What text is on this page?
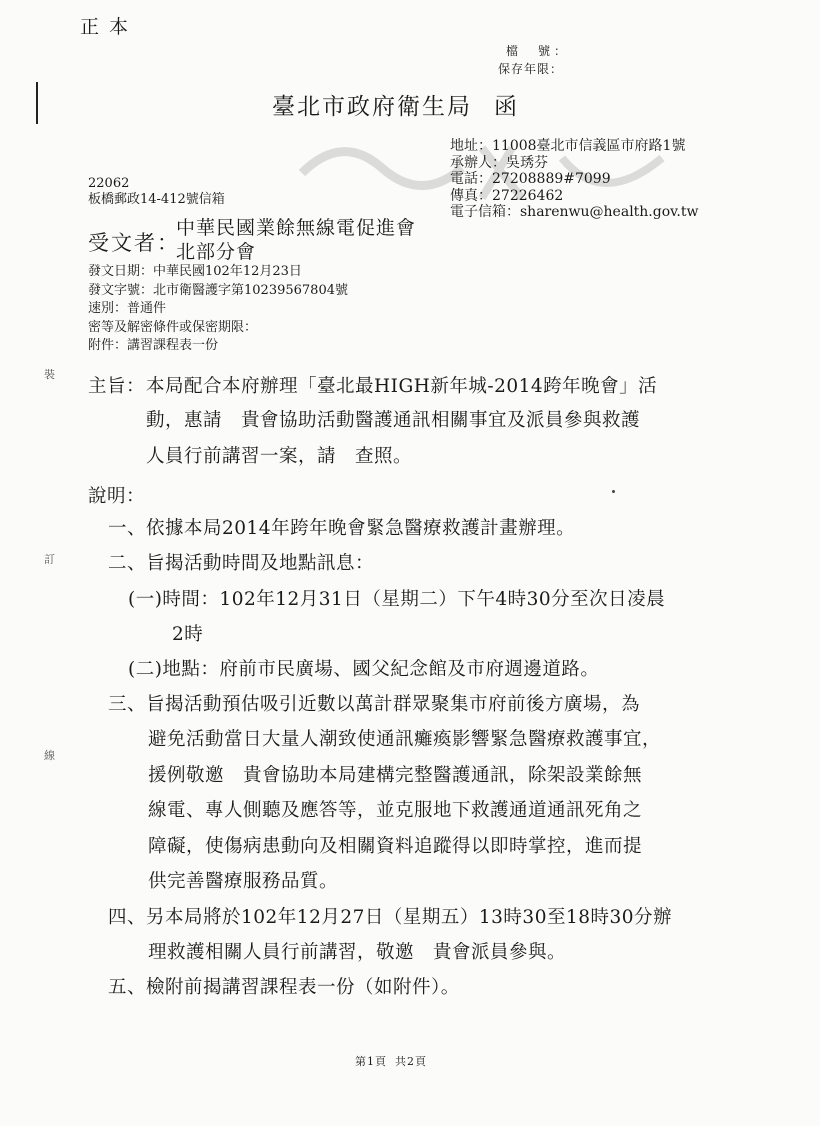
正本
檔　號：
保存年限：
臺北市政府衛生局 函
地址：11008臺北市信義區市府路1號
承辦人：吳琇芬
電話：27208889#7099
傳真：27226462
電子信箱：sharenwu@health.gov.tw
22062
板橋郵政14-412號信箱
受文者：
中華民國業餘無線電促進會
北部分會
發文日期：中華民國102年12月23日
發文字號：北市衛醫護字第10239567804號
速別：普通件
密等及解密條件或保密期限：
附件：講習課程表一份
裝
訂
線
主旨： 本局配合本府辦理「臺北最HIGH新年城-2014跨年晚會」活
動，惠請　貴會協助活動醫護通訊相關事宜及派員參與救護
人員行前講習一案，請　查照。
說明：
一、依據本局2014年跨年晚會緊急醫療救護計畫辦理。
二、旨揭活動時間及地點訊息：
(一)時間：102年12月31日（星期二）下午4時30分至次日凌晨
2時
(二)地點：府前市民廣場、國父紀念館及市府週邊道路。
三、旨揭活動預估吸引近數以萬計群眾聚集市府前後方廣場，為
避免活動當日大量人潮致使通訊癱瘓影響緊急醫療救護事宜，
援例敬邀　貴會協助本局建構完整醫護通訊，除架設業餘無
線電、專人側聽及應答等，並克服地下救護通道通訊死角之
障礙，使傷病患動向及相關資料追蹤得以即時掌控，進而提
供完善醫療服務品質。
四、另本局將於102年12月27日（星期五）13時30至18時30分辦
理救護相關人員行前講習，敬邀　貴會派員參與。
五、檢附前揭講習課程表一份（如附件）。
第1頁 共2頁
